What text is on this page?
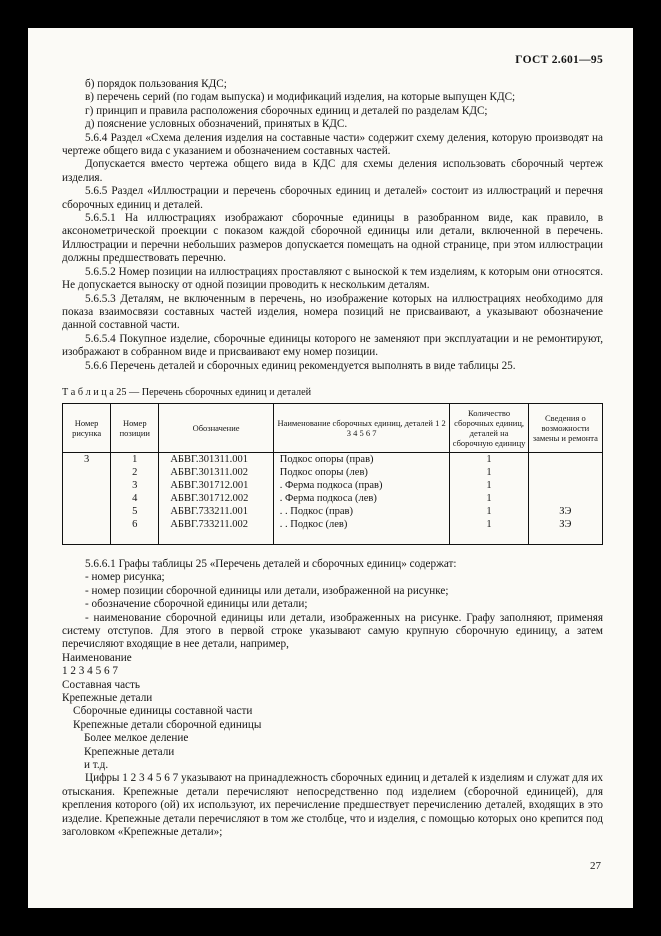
ГОСТ 2.601—95

б) порядок пользования КДС;

в) перечень серий (по годам выпуска) и модификаций изделия, на которые выпущен КДС;

г) принцип и правила расположения сборочных единиц и деталей по разделам КДС;

д) пояснение условных обозначений, принятых в КДС.

5.6.4 Раздел «Схема деления изделия на составные части» содержит схему деления, которую производят на чертеже общего вида с указанием и обозначением составных частей.

Допускается вместо чертежа общего вида в КДС для схемы деления использовать сборочный чертеж изделия.

5.6.5 Раздел «Иллюстрации и перечень сборочных единиц и деталей» состоит из иллюстраций и перечня сборочных единиц и деталей.

5.6.5.1 На иллюстрациях изображают сборочные единицы в разобранном виде, как правило, в аксонометрической проекции с показом каждой сборочной единицы или детали, включенной в перечень. Иллюстрации и перечни небольших размеров допускается помещать на одной странице, при этом иллюстрации должны предшествовать перечню.

5.6.5.2 Номер позиции на иллюстрациях проставляют с выноской к тем изделиям, к которым они относятся. Не допускается выноску от одной позиции проводить к нескольким деталям.

5.6.5.3 Деталям, не включенным в перечень, но изображение которых на иллюстрациях необходимо для показа взаимосвязи составных частей изделия, номера позиций не присваивают, а указывают обозначение данной составной части.

5.6.5.4 Покупное изделие, сборочные единицы которого не заменяют при эксплуатации и не ремонтируют, изображают в собранном виде и присваивают ему номер позиции.

5.6.6 Перечень деталей и сборочных единиц рекомендуется выполнять в виде таблицы 25.

Т а б л и ц а 25 — Перечень сборочных единиц и деталей
Номер рисунка	Номер позиции	Обозначение	Наименование сборочных единиц, деталей 1 2 3 4 5 6 7	Количество сборочных единиц, деталей на сборочную единицу	Сведения о возможности замены и ремонта
3	1	АБВГ.301311.001	Подкос опоры (прав)	1	
	2	АБВГ.301311.002	Подкос опоры (лев)	1	
	3	АБВГ.301712.001	. Ферма подкоса (прав)	1	
	4	АБВГ.301712.002	. Ферма подкоса (лев)	1	
	5	АБВГ.733211.001	. . Подкос (прав)	1	ЗЭ
	6	АБВГ.733211.002	. . Подкос (лев)	1	ЗЭ

5.6.6.1 Графы таблицы 25 «Перечень деталей и сборочных единиц» содержат:

- номер рисунка;

- номер позиции сборочной единицы или детали, изображенной на рисунке;

- обозначение сборочной единицы или детали;

- наименование сборочной единицы или детали, изображенных на рисунке. Графу заполняют, применяя систему отступов. Для этого в первой строке указывают самую крупную сборочную единицу, а затем перечисляют входящие в нее детали, например,

Наименование

1 2 3 4 5 6 7

Составная часть

Крепежные детали

Сборочные единицы составной части

Крепежные детали сборочной единицы

Более мелкое деление

Крепежные детали

и т.д.

Цифры 1 2 3 4 5 6 7 указывают на принадлежность сборочных единиц и деталей к изделиям и служат для их отыскания. Крепежные детали перечисляют непосредственно под изделием (сборочной единицей), для крепления которого (ой) их используют, их перечисление предшествует перечислению деталей, входящих в это изделие. Крепежные детали перечисляют в том же столбце, что и изделия, с помощью которых оно крепится под заголовком «Крепежные детали»;

27
